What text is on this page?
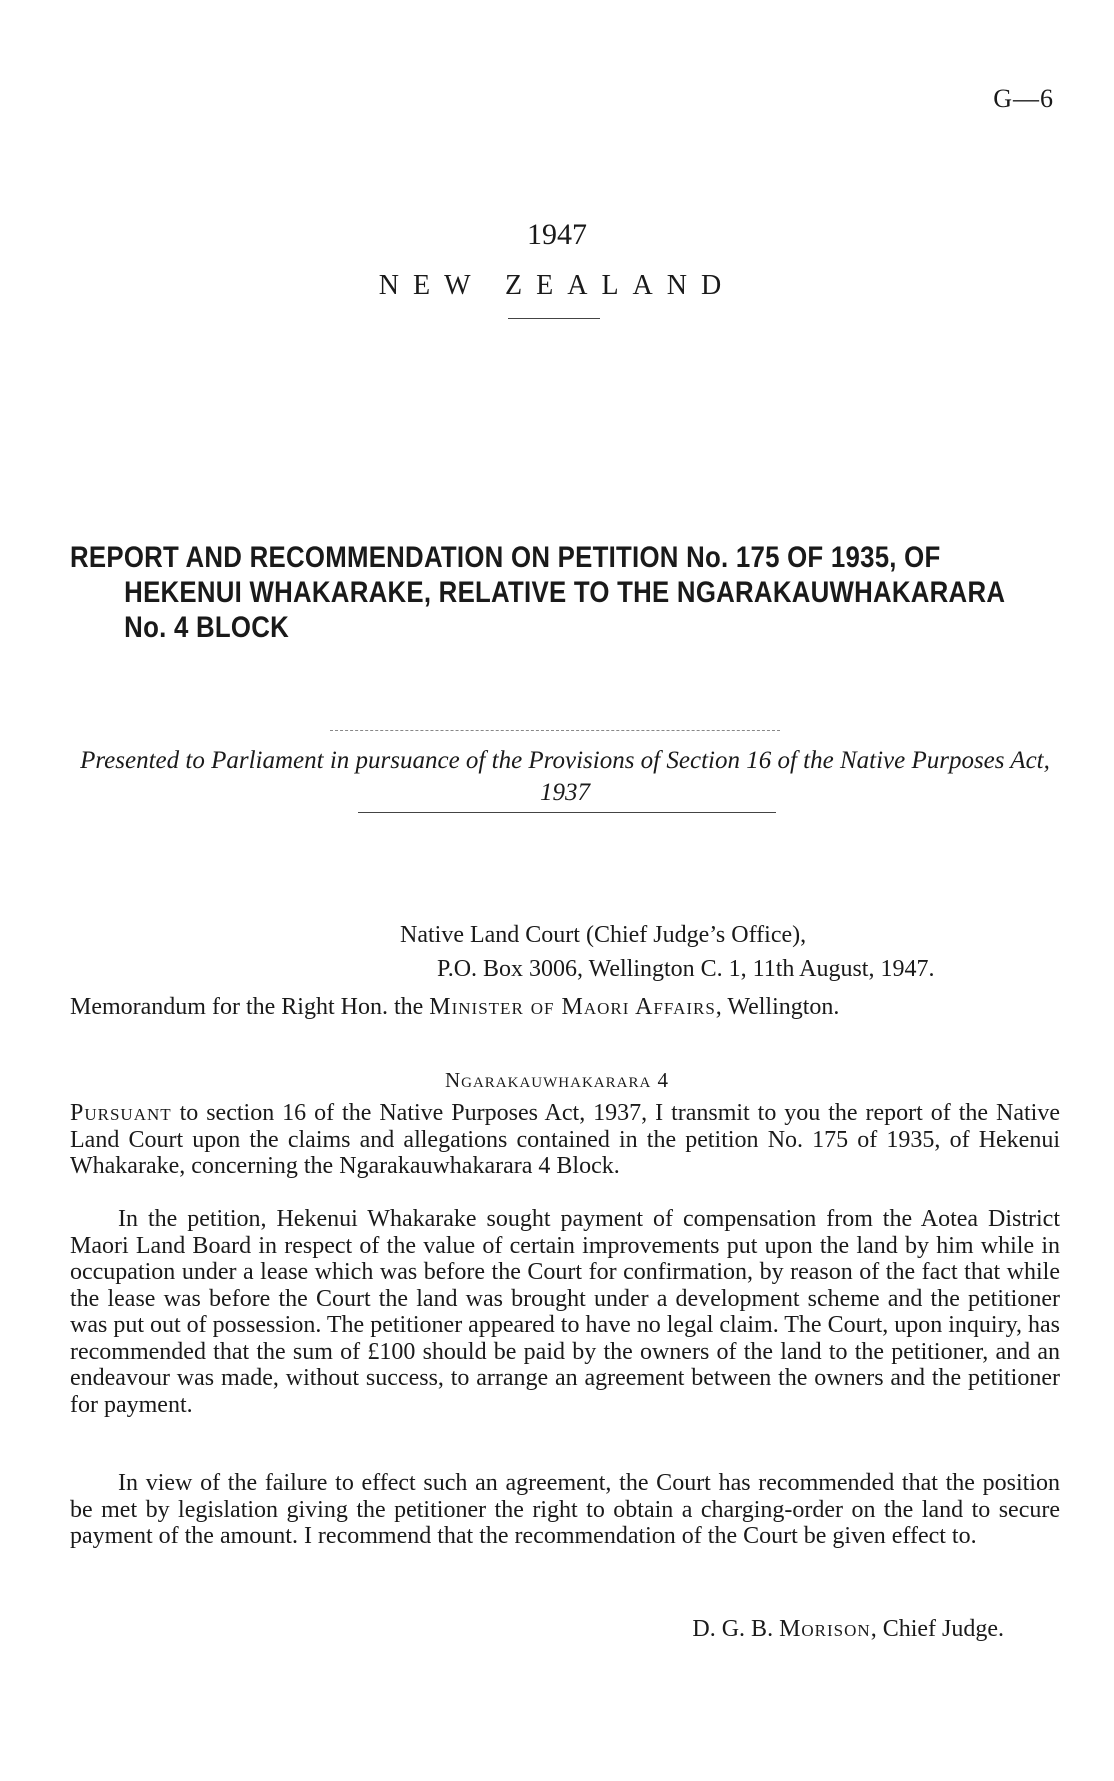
G—6
1947
NEW ZEALAND
REPORT AND RECOMMENDATION ON PETITION No. 175 OF 1935, OF
HEKENUI WHAKARAKE, RELATIVE TO THE NGARAKAUWHAKARARA
No. 4 BLOCK
Presented to Parliament in pursuance of the Provisions of Section 16 of the Native Purposes Act, 1937
Native Land Court (Chief Judge’s Office),
P.O. Box 3006, Wellington C. 1, 11th August, 1947.
Memorandum for the Right Hon. the Minister of Maori Affairs, Wellington.
Ngarakauwhakarara 4

Pursuant to section 16 of the Native Purposes Act, 1937, I transmit to you the report of the Native Land Court upon the claims and allegations contained in the petition No. 175 of 1935, of Hekenui Whakarake, concerning the Ngarakauwhakarara 4 Block.

In the petition, Hekenui Whakarake sought payment of compensation from the Aotea District Maori Land Board in respect of the value of certain improvements put upon the land by him while in occupation under a lease which was before the Court for confirmation, by reason of the fact that while the lease was before the Court the land was brought under a development scheme and the petitioner was put out of possession. The petitioner appeared to have no legal claim. The Court, upon inquiry, has recommended that the sum of £100 should be paid by the owners of the land to the petitioner, and an endeavour was made, without success, to arrange an agreement between the owners and the petitioner for payment.

In view of the failure to effect such an agreement, the Court has recommended that the position be met by legislation giving the petitioner the right to obtain a charging-order on the land to secure payment of the amount. I recommend that the recommendation of the Court be given effect to.

D. G. B. Morison, Chief Judge.
